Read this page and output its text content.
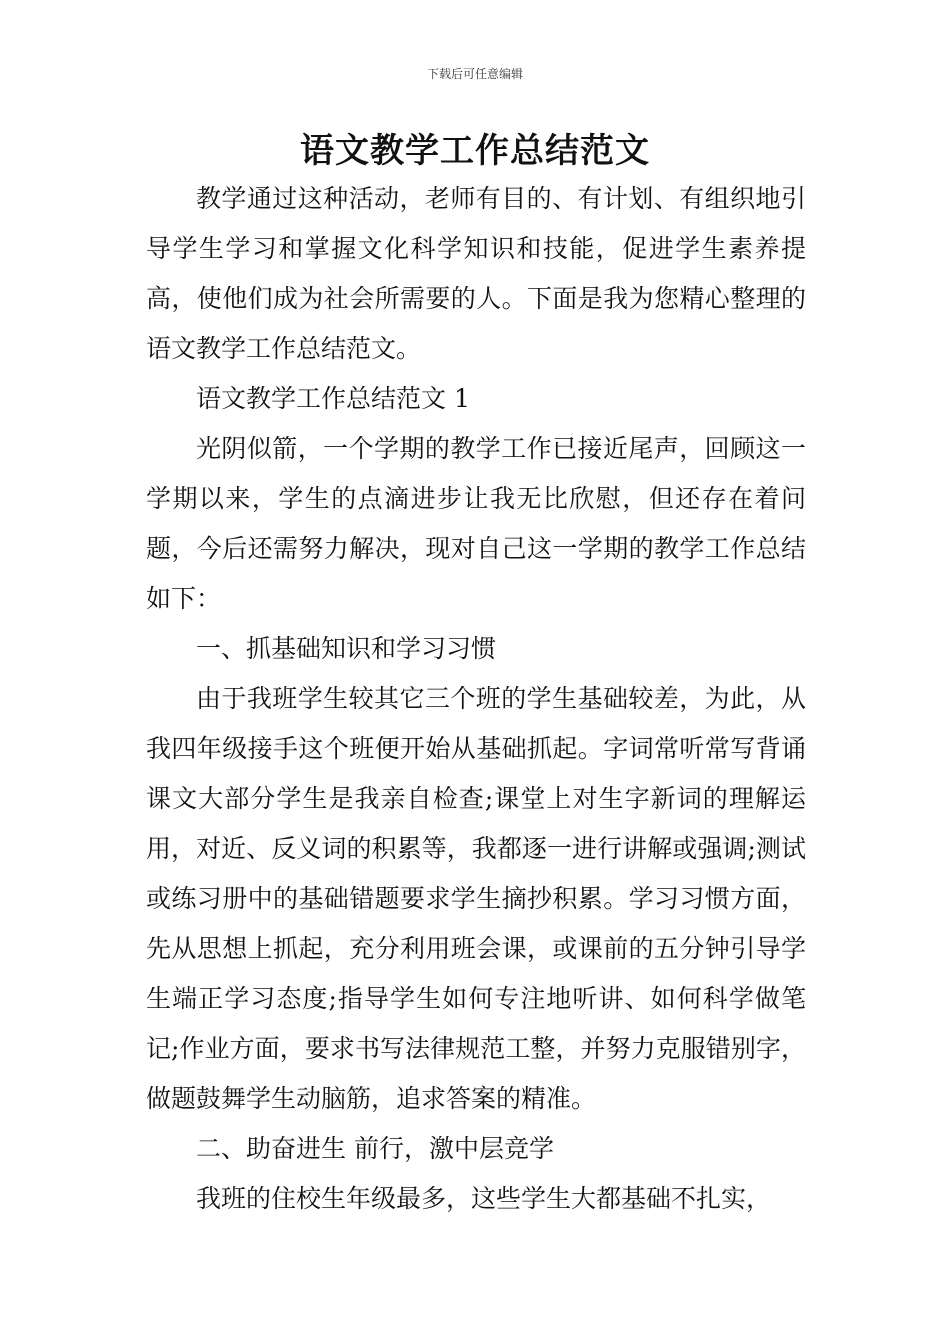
下载后可任意编辑
语文教学工作总结范文

教学通过这种活动，老师有目的、有计划、有组织地引导学生学习和掌握文化科学知识和技能，促进学生素养提高，使他们成为社会所需要的人。下面是我为您精心整理的语文教学工作总结范文。

语文教学工作总结范文 1

光阴似箭，一个学期的教学工作已接近尾声，回顾这一学期以来，学生的点滴进步让我无比欣慰，但还存在着问题，今后还需努力解决，现对自己这一学期的教学工作总结如下：

一、抓基础知识和学习习惯

由于我班学生较其它三个班的学生基础较差，为此，从我四年级接手这个班便开始从基础抓起。字词常听常写背诵课文大部分学生是我亲自检查;课堂上对生字新词的理解运用，对近、反义词的积累等，我都逐一进行讲解或强调;测试或练习册中的基础错题要求学生摘抄积累。学习习惯方面，先从思想上抓起，充分利用班会课，或课前的五分钟引导学生端正学习态度;指导学生如何专注地听讲、如何科学做笔记;作业方面，要求书写法律规范工整，并努力克服错别字，做题鼓舞学生动脑筋，追求答案的精准。

二、助奋进生 前行，激中层竞学

我班的住校生年级最多，这些学生大都基础不扎实，
